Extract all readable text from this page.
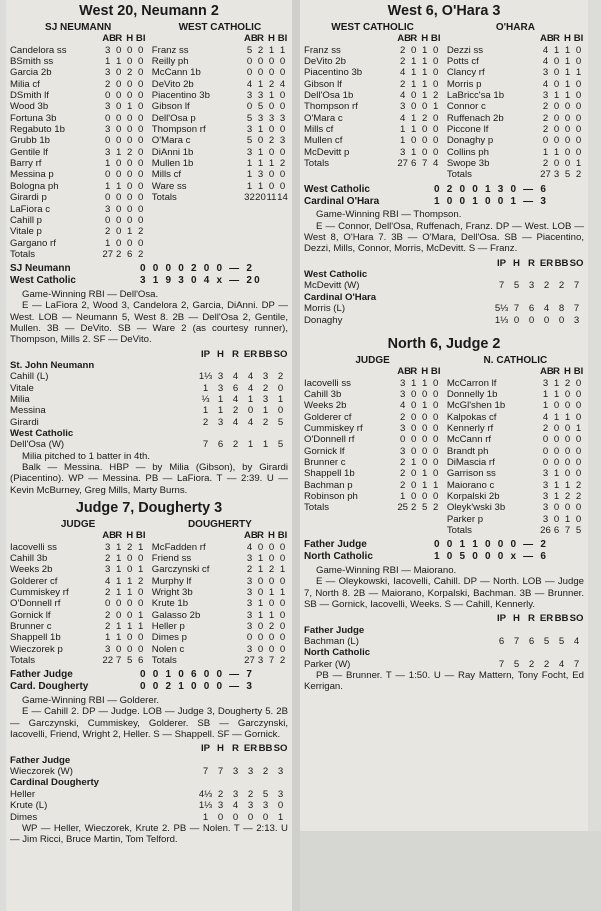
West 20, Neumann 2
SJ NEUMANN
AB R H BI
Candelora ss	3 0 0 0
BSmith ss	1 1 0 0
Garcia 2b	3 0 2 0
Milia cf	2 0 0 0
DSmith lf	0 0 0 0
Wood 3b	3 0 1 0
Fortuna 3b	0 0 0 0
Regabuto 1b	3 0 0 0
Grubb 1b	0 0 0 0
Gentile lf	3 1 2 0
Barry rf	1 0 0 0
Messina p	0 0 0 0
Bologna ph	1 1 0 0
Girardi p	0 0 0 0
LaFiora c	3 0 0 0
Cahill p	0 0 0 0
Vitale p	2 0 1 2
Gargano rf	1 0 0 0
Totals	27 2 6 2
WEST CATHOLIC
AB R H BI
Franz ss	5 2 1 1
Reilly ph	0 0 0 0
McCann 1b	0 0 0 0
DeVito 2b	4 1 2 4
Piacentino 3b	3 3 1 0
Gibson lf	0 5 0 0
Dell'Osa p	5 3 3 3
Thompson rf	3 1 0 0
O'Mara c	5 0 2 3
DiAnni 1b	3 1 0 0
Mullen 1b	1 1 1 2
Mills cf	1 3 0 0
Ware ss	1 1 0 0
Totals	32 20 11 14
SJ Neumann	0 0 0 0 2 0 0 — 2
West Catholic	3 1 9 3 0 4 x — 20

Game-Winning RBI — Dell'Osa.

E — LaFiora 2, Wood 3, Candelora 2, Garcia, DiAnni. DP — West. LOB — Neumann 5, West 8. 2B — Dell'Osa 2, Gentile, Mullen. 3B — DeVito. SB — Ware 2 (as courtesy runner), Thompson, Mills 2. SF — DeVito.

IP H R ER BB SO
St. John Neumann
Cahill (L)	1⅓ 3	4	4	3	2
Vitale	1	3	6	4	2	0
Milia	⅓ 1	4	1	3	1
Messina	1	1	2	0	1	0
Girardi	2	3	4	4	2	5
West Catholic
Dell'Osa (W)	7	6	2	1	1	5

Milia pitched to 1 batter in 4th.

Balk — Messina. HBP — by Milia (Gibson), by Girardi (Piacentino). WP — Messina. PB — LaFiora. T — 2:39. U — Kevin McBurney, Greg Mills, Marty Burns.

Judge 7, Dougherty 3
JUDGE
AB R H BI
Iacovelli ss	3 1 2 1
Cahill 3b	2 1 0 0
Weeks 2b	3 1 0 1
Golderer cf	4 1 1 2
Cummiskey rf	2 1 1 0
O'Donnell rf	0 0 0 0
Gornick lf	2 0 0 1
Brunner c	2 1 1 1
Shappell 1b	1 1 0 0
Wieczorek p	3 0 0 0
Totals	22 7 5 6
DOUGHERTY
AB R H BI
McFadden rf	4 0 0 0
Friend ss	3 1 0 0
Garczynski cf	2 1 2 1
Murphy lf	3 0 0 0
Wright 3b	3 0 1 1
Krute 1b	3 1 0 0
Galasso 2b	3 1 1 0
Heller p	3 0 2 0
Dimes p	0 0 0 0
Nolen c	3 0 0 0
Totals	27 3 7 2
Father Judge	0 0 1 0 6 0 0 — 7
Card. Dougherty	0 0 2 1 0 0 0 — 3

Game-Winning RBI — Golderer.

E — Cahill 2. DP — Judge. LOB — Judge 3, Dougherty 5. 2B — Garczynski, Cummiskey, Golderer. SB — Garczynski, Iacovelli, Friend, Wright 2, Heller. S — Shappell. SF — Gornick.

IP H R ER BB SO
Father Judge
Wieczorek (W)	7	7	3	3	2	3
Cardinal Dougherty
Heller	4⅓ 2	3	2	5	3
Krute (L)	1⅓ 3	4	3	3	0
Dimes	1	0	0	0	0	1

WP — Heller, Wieczorek, Krute 2. PB — Nolen. T — 2:13. U — Jim Ricci, Bruce Martin, Tom Telford.

West 6, O'Hara 3
WEST CATHOLIC
AB R H BI
Franz ss	2 0 1 0
DeVito 2b	2 1 1 0
Piacentino 3b	4 1 1 0
Gibson lf	2 1 1 0
Dell'Osa 1b	4 0 1 2
Thompson rf	3 0 0 1
O'Mara c	4 1 2 0
Mills cf	1 1 0 0
Mullen cf	1 0 0 0
McDevitt p	3 1 0 0
Totals	27 6 7 4
O'HARA
AB R H BI
Dezzi ss	4 1 1 0
Potts cf	4 0 1 0
Clancy rf	3 0 1 1
Morris p	4 0 1 0
LaBricc'sa 1b	3 1 1 0
Connor c	2 0 0 0
Ruffenach 2b	2 0 0 0
Piccone lf	2 0 0 0
Donaghy p	0 0 0 0
Collins ph	1 1 0 0
Swope 3b	2 0 0 1
Totals	27 3 5 2
West Catholic	0 2 0 0 1 3 0 — 6
Cardinal O'Hara	1 0 0 1 0 0 1 — 3

Game-Winning RBI — Thompson.

E — Connor, Dell'Osa, Ruffenach, Franz. DP — West. LOB — West 8, O'Hara 7. 3B — O'Mara, Dell'Osa. SB — Piacentino, Dezzi, Mills, Connor, Morris, McDevitt. S — Franz.

IP H R ER BB SO
West Catholic
McDevitt (W)	7	5	3	2	2	7
Cardinal O'Hara
Morris (L)	5⅓ 7	6	4	8	7
Donaghy	1⅓ 0	0	0	0	3
North 6, Judge 2
JUDGE
AB R H BI
Iacovelli ss	3 1 1 0
Cahill 3b	3 0 0 0
Weeks 2b	4 0 1 0
Golderer cf	2 0 0 0
Cummiskey rf	3 0 0 0
O'Donnell rf	0 0 0 0
Gornick lf	3 0 0 0
Brunner c	2 1 0 0
Shappell 1b	2 0 1 0
Bachman p	2 0 1 1
Robinson ph	1 0 0 0
Totals	25 2 5 2
N. CATHOLIC
AB R H BI
McCarron lf	3 1 2 0
Donnelly 1b	1 1 0 0
McGl'shen 1b	1 0 0 0
Kalpokas cf	4 1 1 0
Kennerly rf	2 0 0 1
McCann rf	0 0 0 0
Brandt ph	0 0 0 0
DiMascia rf	0 0 0 0
Garrison ss	3 1 0 0
Maiorano c	3 1 1 2
Korpalski 2b	3 1 2 2
Oleyk'wski 3b	3 0 0 0
Parker p	3 0 1 0
Totals	26 6 7 5
Father Judge	0 0 1 1 0 0 0 — 2
North Catholic	1 0 5 0 0 0 x — 6

Game-Winning RBI — Maiorano.

E — Oleykowski, Iacovelli, Cahill. DP — North. LOB — Judge 7, North 8. 2B — Maiorano, Korpalski, Bachman. 3B — Brunner. SB — Gornick, Iacovelli, Weeks. S — Cahill, Kennerly.

IP H R ER BB SO
Father Judge
Bachman (L)	6	7	6	5	5	4
North Catholic
Parker (W)	7	5	2	2	4	7

PB — Brunner. T — 1:50. U — Ray Mattern, Tony Focht, Ed Kerrigan.
